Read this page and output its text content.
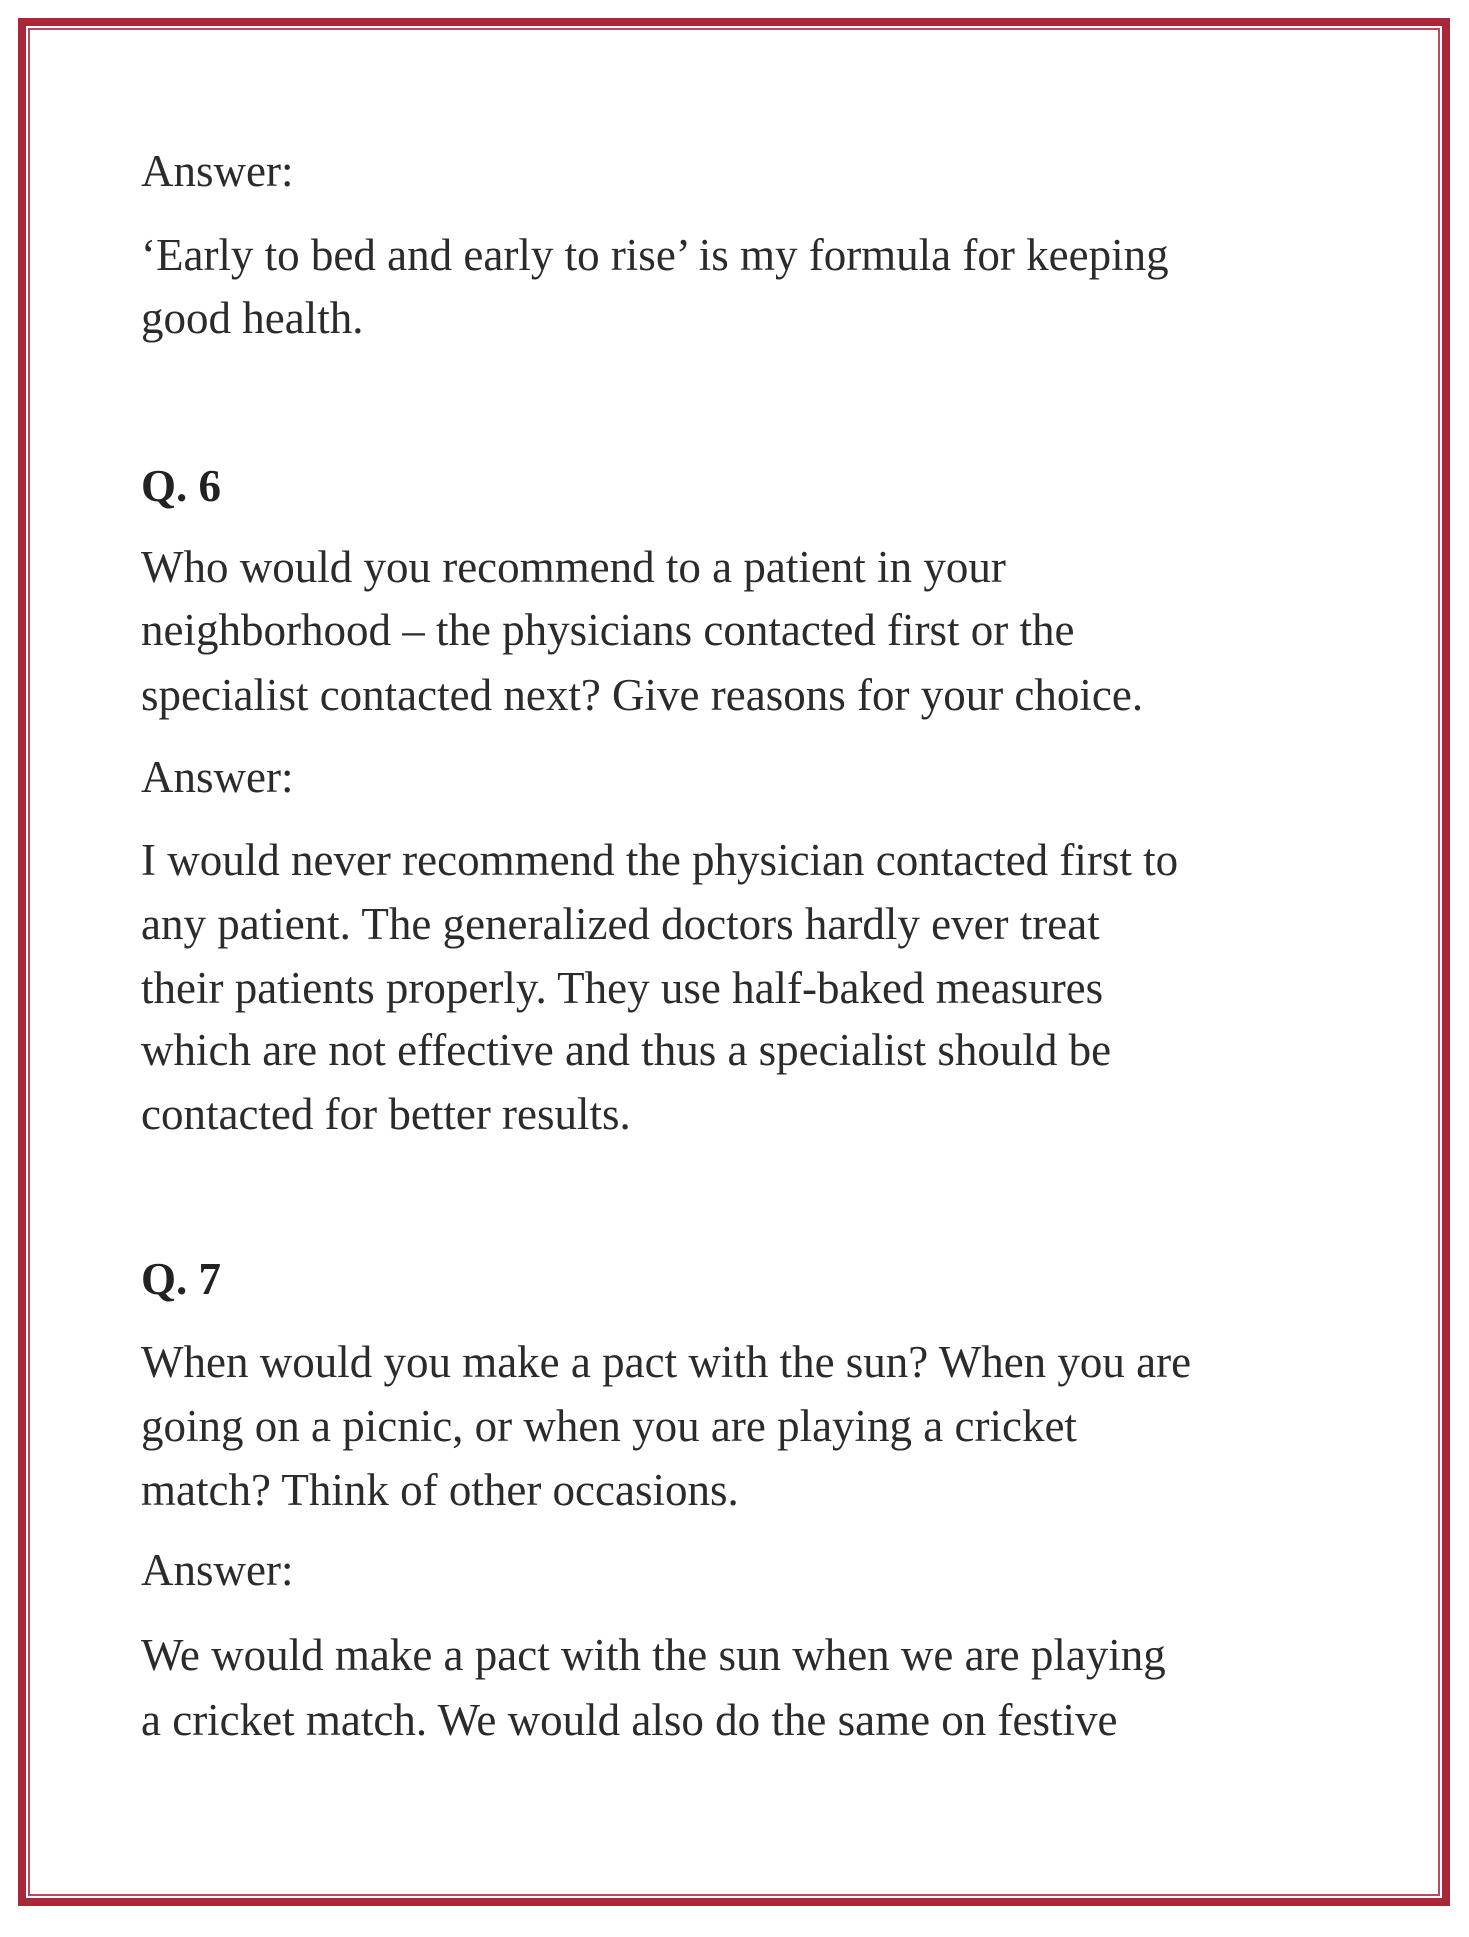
Answer:
‘Early to bed and early to rise’ is my formula for keeping
good health.
Q. 6
Who would you recommend to a patient in your
neighborhood – the physicians contacted first or the
specialist contacted next? Give reasons for your choice.
Answer:
I would never recommend the physician contacted first to
any patient. The generalized doctors hardly ever treat
their patients properly. They use half-baked measures
which are not effective and thus a specialist should be
contacted for better results.
Q. 7
When would you make a pact with the sun? When you are
going on a picnic, or when you are playing a cricket
match? Think of other occasions.
Answer:
We would make a pact with the sun when we are playing
a cricket match. We would also do the same on festive
